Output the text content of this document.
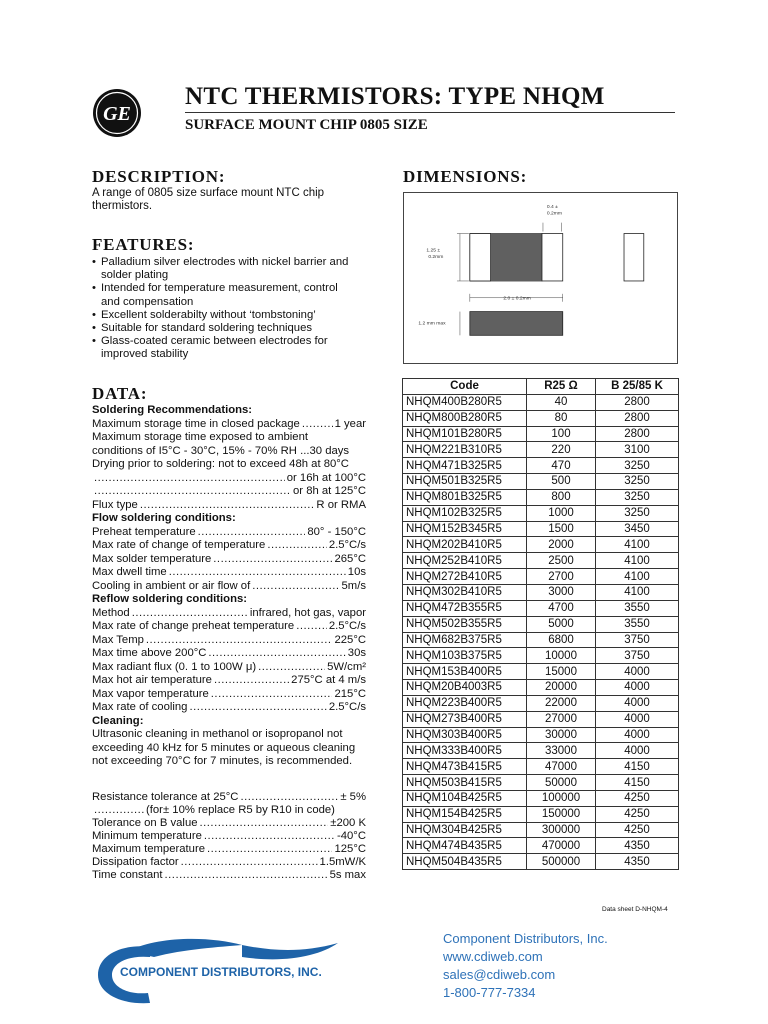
GE
NTC THERMISTORS: TYPE NHQM
SURFACE MOUNT CHIP 0805 SIZE
DESCRIPTION:
A range of 0805 size surface mount NTC chip thermistors.
FEATURES:
• Palladium silver electrodes with nickel barrier and
solder plating
• Intended for temperature measurement, control
and compensation
• Excellent solderabilty without ‘tombstoning’
• Suitable for standard soldering techniques
• Glass-coated ceramic between electrodes for
improved stability
DATA:
Soldering Recommendations:
Maximum storage time in closed package .....	1 year
Maximum storage time exposed to ambient
conditions of I5°C - 30°C, 15% - 70% RH ...30 days
Drying prior to soldering: not to exceed 48h at 80°C
.....
or 16h at 100°C
.....
or 8h at 125°C
Flux type .....	R or RMA
Flow soldering conditions:
Preheat temperature .....	80° - 150°C
Max rate of change of temperature .....	2.5°C/s
Max solder temperature .....	265°C
Max dwell time .....	10s
Cooling in ambient or air flow of .....	5m/s
Reflow soldering conditions:
Method .....	infrared, hot gas, vapor
Max rate of change preheat temperature .....	2.5°C/s
Max Temp .....	225°C
Max time above 200°C .....	30s
Max radiant flux (0. 1 to 100W μ) .....	5W/cm²
Max hot air temperature .....	275°C at 4 m/s
Max vapor temperature .....	215°C
Max rate of cooling .....	2.5°C/s
Cleaning:
Ultrasonic cleaning in methanol or isopropanol not exceeding 40 kHz for 5 minutes or aqueous cleaning not exceeding 70°C for 7 minutes, is recommended.
Resistance tolerance at 25°C .....	± 5%
.....
(for± 10% replace R5 by R10 in code)
Tolerance on B value .....	±200 K
Minimum temperature .....	-40°C
Maximum temperature .....	125°C
Dissipation factor .....	1.5mW/K
Time constant .....	5s max
DIMENSIONS:
0.4 ±
0.2mm
1.25 ±
0.2mm
2.0 ± 0.2mm
1.2 mm max
Code	R25 Ω	B 25/85 K
NHQM400B280R5	40	2800
NHQM800B280R5	80	2800
NHQM101B280R5	100	2800
NHQM221B310R5	220	3100
NHQM471B325R5	470	3250
NHQM501B325R5	500	3250
NHQM801B325R5	800	3250
NHQM102B325R5	1000	3250
NHQM152B345R5	1500	3450
NHQM202B410R5	2000	4100
NHQM252B410R5	2500	4100
NHQM272B410R5	2700	4100
NHQM302B410R5	3000	4100
NHQM472B355R5	4700	3550
NHQM502B355R5	5000	3550
NHQM682B375R5	6800	3750
NHQM103B375R5	10000	3750
NHQM153B400R5	15000	4000
NHQM20B4003R5	20000	4000
NHQM223B400R5	22000	4000
NHQM273B400R5	27000	4000
NHQM303B400R5	30000	4000
NHQM333B400R5	33000	4000
NHQM473B415R5	47000	4150
NHQM503B415R5	50000	4150
NHQM104B425R5	100000	4250
NHQM154B425R5	150000	4250
NHQM304B425R5	300000	4250
NHQM474B435R5	470000	4350
NHQM504B435R5	500000	4350
Data sheet D-NHQM-4
COMPONENT DISTRIBUTORS, INC.
Component Distributors, Inc.
www.cdiweb.com
sales@cdiweb.com
1-800-777-7334
